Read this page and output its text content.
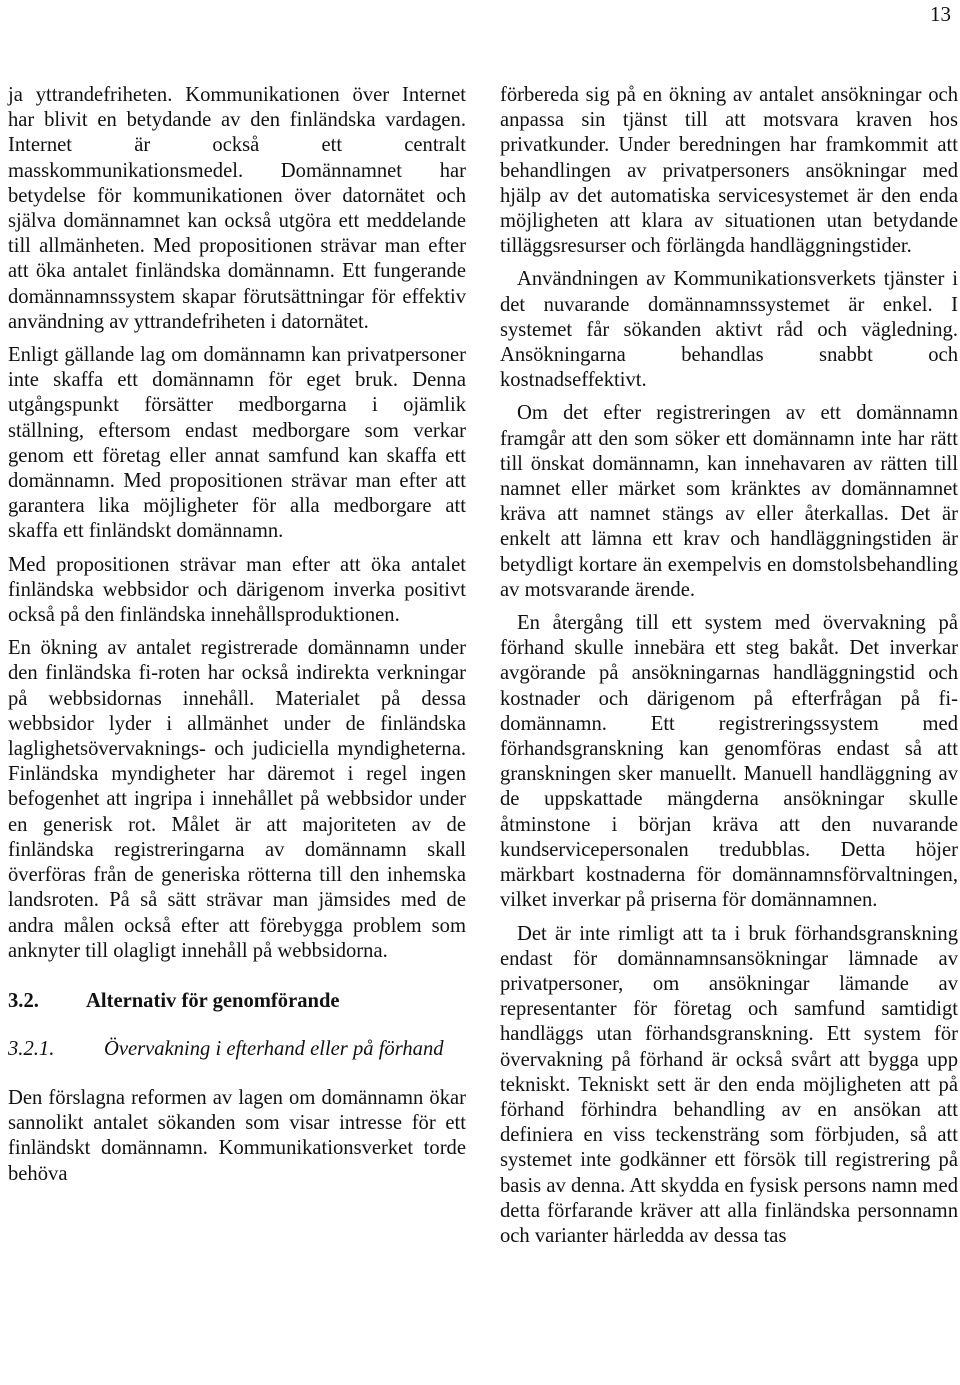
13

ja yttrandefriheten. Kommunikationen över Internet har blivit en betydande av den finländska vardagen. Internet är också ett centralt masskommunikationsmedel. Domännamnet har betydelse för kommunikationen över datornätet och själva domännamnet kan också utgöra ett meddelande till allmänheten. Med propositionen strävar man efter att öka antalet finländska domännamn. Ett fungerande domännamnssystem skapar förutsättningar för effektiv användning av yttrandefriheten i datornätet.

Enligt gällande lag om domännamn kan privatpersoner inte skaffa ett domännamn för eget bruk. Denna utgångspunkt försätter medborgarna i ojämlik ställning, eftersom endast medborgare som verkar genom ett företag eller annat samfund kan skaffa ett domännamn. Med propositionen strävar man efter att garantera lika möjligheter för alla medborgare att skaffa ett finländskt domännamn.

Med propositionen strävar man efter att öka antalet finländska webbsidor och därigenom inverka positivt också på den finländska innehållsproduktionen.

En ökning av antalet registrerade domännamn under den finländska fi-roten har också indirekta verkningar på webbsidornas innehåll. Materialet på dessa webbsidor lyder i allmänhet under de finländska laglighetsövervaknings- och judiciella myndigheterna. Finländska myndigheter har däremot i regel ingen befogenhet att ingripa i innehållet på webbsidor under en generisk rot. Målet är att majoriteten av de finländska registreringarna av domännamn skall överföras från de generiska rötterna till den inhemska landsroten. På så sätt strävar man jämsides med de andra målen också efter att förebygga problem som anknyter till olagligt innehåll på webbsidorna.

3.2.	Alternativ för genomförande
3.2.1.	Övervakning i efterhand eller på förhand

Den förslagna reformen av lagen om domännamn ökar sannolikt antalet sökanden som visar intresse för ett finländskt domännamn. Kommunikationsverket torde behöva

förbereda sig på en ökning av antalet ansökningar och anpassa sin tjänst till att motsvara kraven hos privatkunder. Under beredningen har framkommit att behandlingen av privatpersoners ansökningar med hjälp av det automatiska servicesystemet är den enda möjligheten att klara av situationen utan betydande tilläggsresurser och förlängda handläggningstider.

Användningen av Kommunikationsverkets tjänster i det nuvarande domännamnssystemet är enkel. I systemet får sökanden aktivt råd och vägledning. Ansökningarna behandlas snabbt och kostnadseffektivt.

Om det efter registreringen av ett domännamn framgår att den som söker ett domännamn inte har rätt till önskat domännamn, kan innehavaren av rätten till namnet eller märket som kränktes av domännamnet kräva att namnet stängs av eller återkallas. Det är enkelt att lämna ett krav och handläggningstiden är betydligt kortare än exempelvis en domstolsbehandling av motsvarande ärende.

En återgång till ett system med övervakning på förhand skulle innebära ett steg bakåt. Det inverkar avgörande på ansökningarnas handläggningstid och kostnader och därigenom på efterfrågan på fi-domännamn. Ett registreringssystem med förhandsgranskning kan genomföras endast så att granskningen sker manuellt. Manuell handläggning av de uppskattade mängderna ansökningar skulle åtminstone i början kräva att den nuvarande kundservicepersonalen tredubblas. Detta höjer märkbart kostnaderna för domännamnsförvaltningen, vilket inverkar på priserna för domännamnen.

Det är inte rimligt att ta i bruk förhandsgranskning endast för domännamnsansökningar lämnade av privatpersoner, om ansökningar lämande av representanter för företag och samfund samtidigt handläggs utan förhandsgranskning. Ett system för övervakning på förhand är också svårt att bygga upp tekniskt. Tekniskt sett är den enda möjligheten att på förhand förhindra behandling av en ansökan att definiera en viss teckensträng som förbjuden, så att systemet inte godkänner ett försök till registrering på basis av denna. Att skydda en fysisk persons namn med detta förfarande kräver att alla finländska personnamn och varianter härledda av dessa tas
